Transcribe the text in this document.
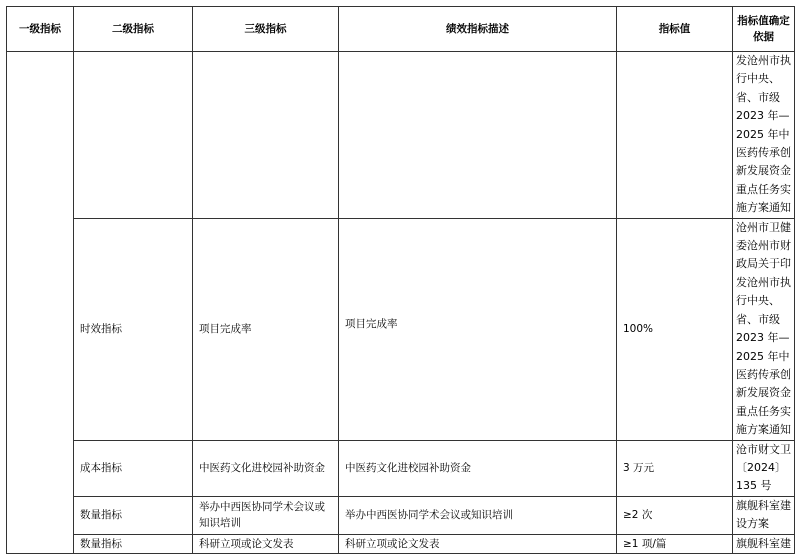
一级指标	二级指标	三级指标	绩效指标描述	指标值	指标值确定依据
					发沧州市执行中央、省、市级 2023 年—2025 年中医药传承创新发展资金重点任务实施方案通知
	时效指标	项目完成率	项目完成率	100%	沧州市卫健委沧州市财政局关于印发沧州市执行中央、省、市级 2023 年—2025 年中医药传承创新发展资金重点任务实施方案通知
	成本指标	中医药文化进校园补助资金	中医药文化进校园补助资金	3 万元	沧市财文卫〔2024〕135 号
	数量指标	举办中西医协同学术会议或知识培训	举办中西医协同学术会议或知识培训	≥2 次	旗舰科室建设方案
	数量指标	科研立项或论文发表	科研立项或论文发表	≥1 项/篇	旗舰科室建
